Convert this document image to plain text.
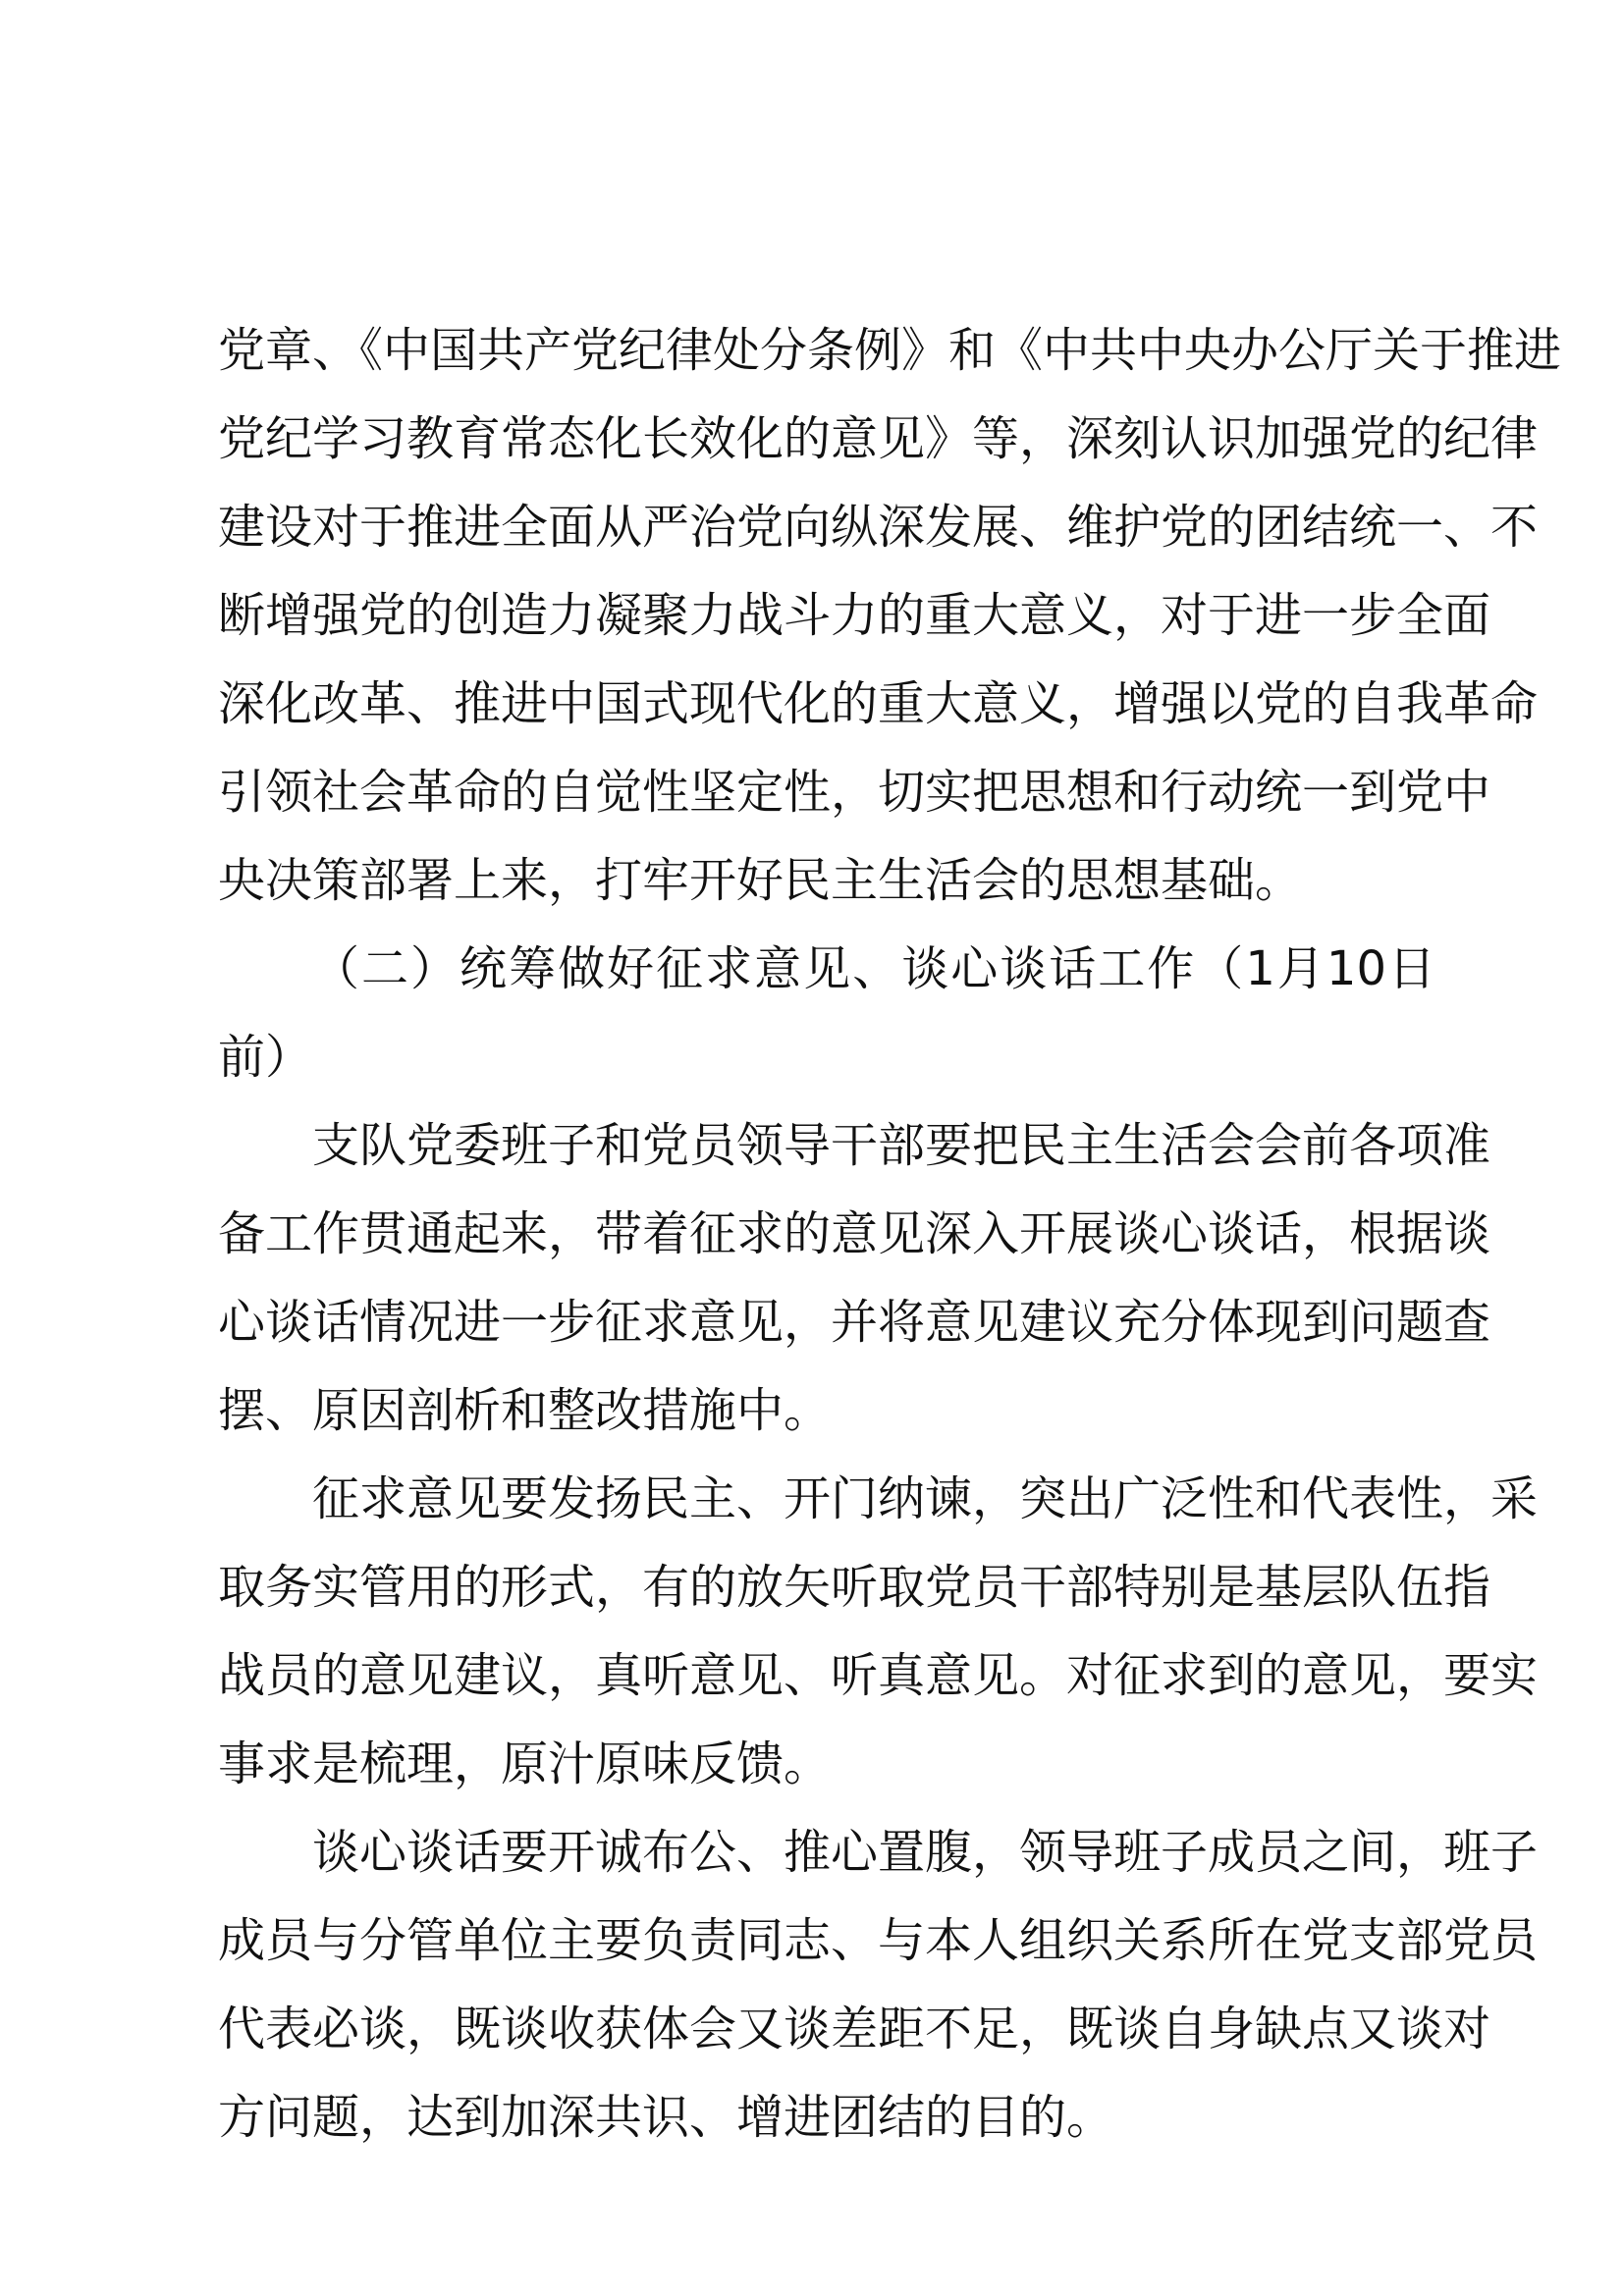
党章、《中国共产党纪律处分条例》和《中共中央办公厅关于推进
党纪学习教育常态化长效化的意见》等，深刻认识加强党的纪律
建设对于推进全面从严治党向纵深发展、维护党的团结统一、不
断增强党的创造力凝聚力战斗力的重大意义，对于进一步全面
深化改革、推进中国式现代化的重大意义，增强以党的自我革命
引领社会革命的自觉性坚定性，切实把思想和行动统一到党中
央决策部署上来，打牢开好民主生活会的思想基础。
（二）统筹做好征求意见、谈心谈话工作（1月10日前）
支队党委班子和党员领导干部要把民主生活会会前各项准
备工作贯通起来，带着征求的意见深入开展谈心谈话，根据谈
心谈话情况进一步征求意见，并将意见建议充分体现到问题查
摆、原因剖析和整改措施中。
征求意见要发扬民主、开门纳谏，突出广泛性和代表性，采
取务实管用的形式，有的放矢听取党员干部特别是基层队伍指
战员的意见建议，真听意见、听真意见。对征求到的意见，要实
事求是梳理，原汁原味反馈。
谈心谈话要开诚布公、推心置腹，领导班子成员之间，班子
成员与分管单位主要负责同志、与本人组织关系所在党支部党员
代表必谈，既谈收获体会又谈差距不足，既谈自身缺点又谈对
方问题，达到加深共识、增进团结的目的。
